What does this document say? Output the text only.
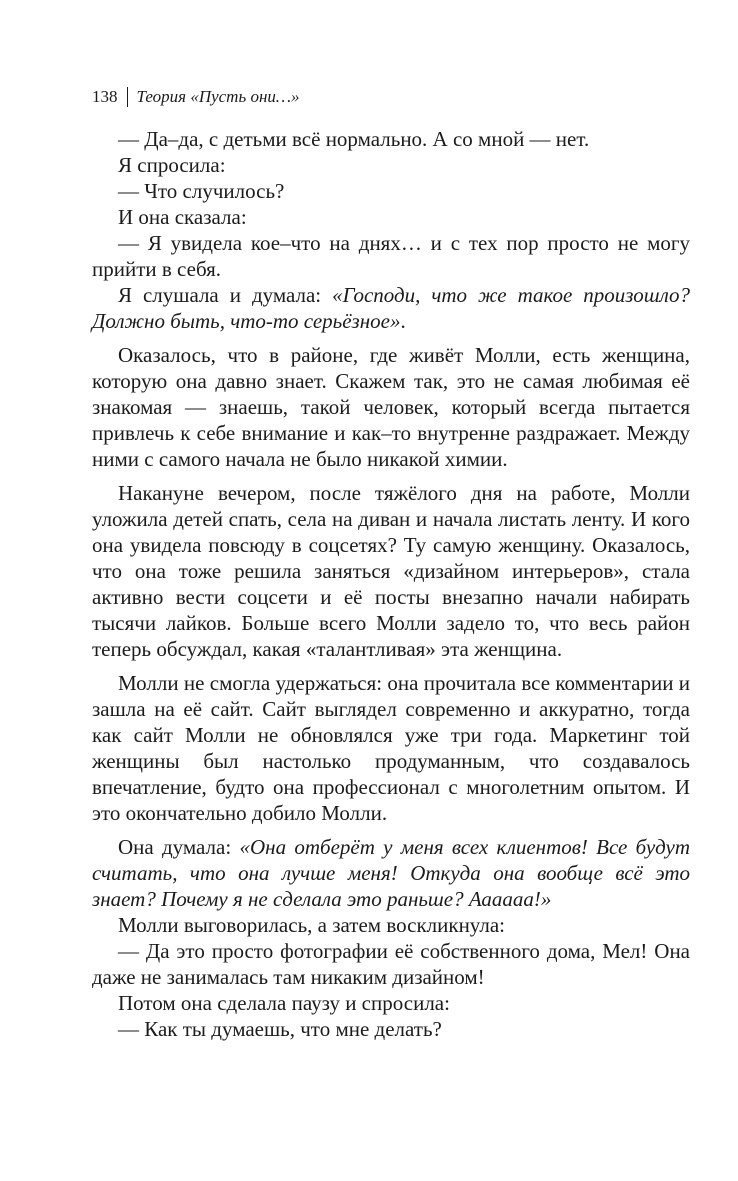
138 Теория «Пусть они…»

— Да–да, с детьми всё нормально. А со мной — нет.

Я спросила:

— Что случилось?

И она сказала:

— Я увидела кое–что на днях… и с тех пор просто не могу прийти в себя.

Я слушала и думала: «Господи, что же такое произошло? Должно быть, что-то серьёзное».

Оказалось, что в районе, где живёт Молли, есть женщина, которую она давно знает. Скажем так, это не самая любимая её знакомая — знаешь, такой человек, который всегда пытается привлечь к себе внимание и как–то внутренне раздражает. Между ними с самого начала не было никакой химии.

Накануне вечером, после тяжёлого дня на работе, Молли уложила детей спать, села на диван и начала листать ленту. И кого она увидела повсюду в соцсетях? Ту самую женщину. Оказалось, что она тоже решила заняться «дизайном интерьеров», стала активно вести соцсети и её посты внезапно начали набирать тысячи лайков. Больше всего Молли задело то, что весь район теперь обсуждал, какая «талантливая» эта женщина.

Молли не смогла удержаться: она прочитала все комментарии и зашла на её сайт. Сайт выглядел современно и аккуратно, тогда как сайт Молли не обновлялся уже три года. Маркетинг той женщины был настолько продуманным, что создавалось впечатление, будто она профессионал с многолетним опытом. И это окончательно добило Молли.

Она думала: «Она отберёт у меня всех клиентов! Все будут считать, что она лучше меня! Откуда она вообще всё это знает? Почему я не сделала это раньше? Аааааа!»

Молли выговорилась, а затем воскликнула:

— Да это просто фотографии её собственного дома, Мел! Она даже не занималась там никаким дизайном!

Потом она сделала паузу и спросила:

— Как ты думаешь, что мне делать?
